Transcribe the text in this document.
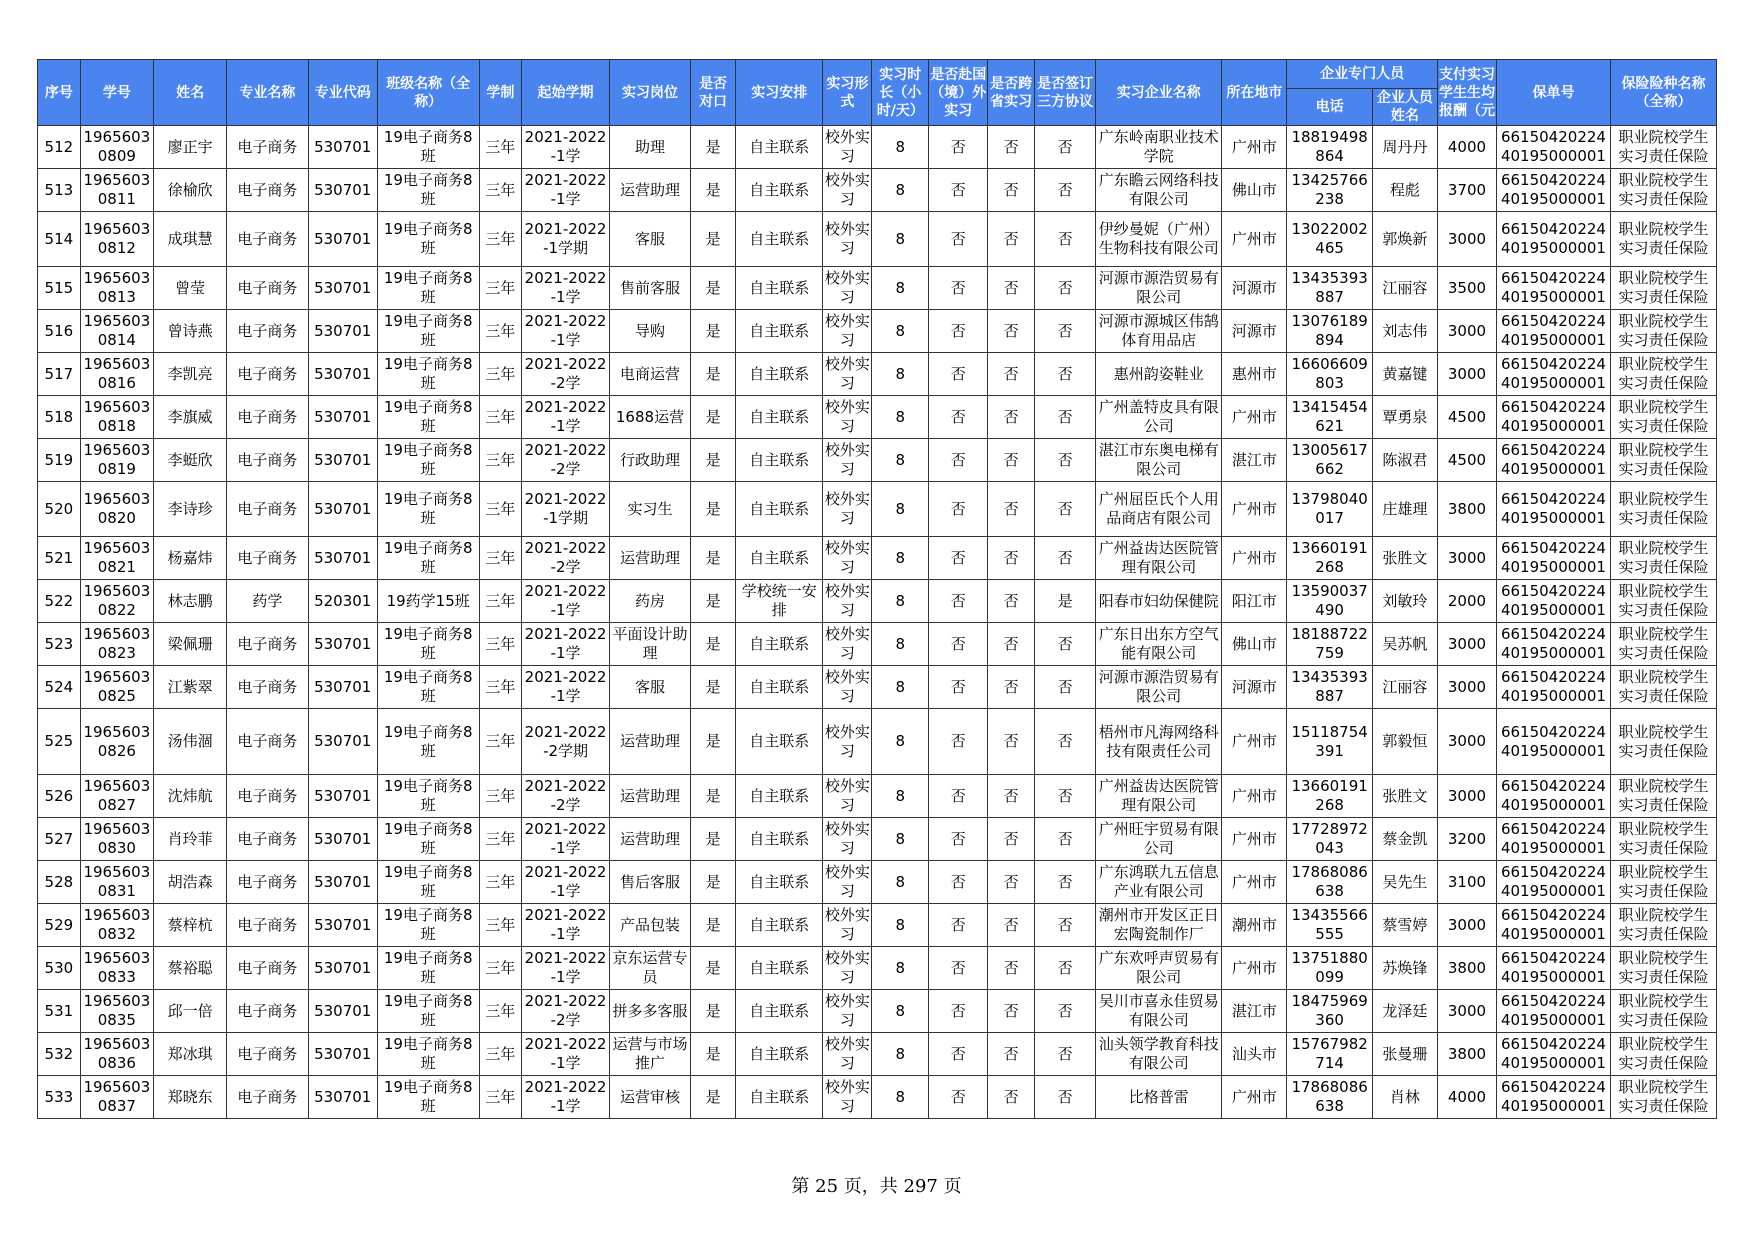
序号	学号	姓名	专业名称	专业代码	班级名称（全称）	学制	起始学期	实习岗位	是否对口	实习安排	实习形式	实习时长（小时/天）	是否赴国（境）外实习	是否跨省实习	是否签订三方协议	实习企业名称	所在地市	企业专门人员		支付实习学生生均报酬（元	保单号	保险险种名称（全称）
																		电话	企业人员姓名			

512	19656030809	廖正宇	电子商务	530701	19电子商务8班	三年	2021-2022-1学	助理	是	自主联系	校外实习	8	否	否	否	广东岭南职业技术学院	广州市	18819498864	周丹丹	4000	6615042022440195000001	职业院校学生实习责任保险

513	19656030811	徐榆欣	电子商务	530701	19电子商务8班	三年	2021-2022-1学	运营助理	是	自主联系	校外实习	8	否	否	否	广东瞻云网络科技有限公司	佛山市	13425766238	程彪	3700	6615042022440195000001	职业院校学生实习责任保险

514	19656030812	成琪慧	电子商务	530701	19电子商务8班	三年	2021-2022-1学期	客服	是	自主联系	校外实习	8	否	否	否	伊纱曼妮（广州）生物科技有限公司	广州市	13022002465	郭焕新	3000	6615042022440195000001	职业院校学生实习责任保险

515	19656030813	曾莹	电子商务	530701	19电子商务8班	三年	2021-2022-1学	售前客服	是	自主联系	校外实习	8	否	否	否	河源市源浩贸易有限公司	河源市	13435393887	江丽容	3500	6615042022440195000001	职业院校学生实习责任保险

516	19656030814	曾诗燕	电子商务	530701	19电子商务8班	三年	2021-2022-1学	导购	是	自主联系	校外实习	8	否	否	否	河源市源城区伟鹄体育用品店	河源市	13076189894	刘志伟	3000	6615042022440195000001	职业院校学生实习责任保险

517	19656030816	李凯亮	电子商务	530701	19电子商务8班	三年	2021-2022-2学	电商运营	是	自主联系	校外实习	8	否	否	否	惠州韵姿鞋业	惠州市	16606609803	黄嘉键	3000	6615042022440195000001	职业院校学生实习责任保险

518	19656030818	李旗威	电子商务	530701	19电子商务8班	三年	2021-2022-1学	1688运营	是	自主联系	校外实习	8	否	否	否	广州盖特皮具有限公司	广州市	13415454621	覃勇泉	4500	6615042022440195000001	职业院校学生实习责任保险

519	19656030819	李蜓欣	电子商务	530701	19电子商务8班	三年	2021-2022-2学	行政助理	是	自主联系	校外实习	8	否	否	否	湛江市东奥电梯有限公司	湛江市	13005617662	陈淑君	4500	6615042022440195000001	职业院校学生实习责任保险

520	19656030820	李诗珍	电子商务	530701	19电子商务8班	三年	2021-2022-1学期	实习生	是	自主联系	校外实习	8	否	否	否	广州屈臣氏个人用品商店有限公司	广州市	13798040017	庄雄理	3800	6615042022440195000001	职业院校学生实习责任保险

521	19656030821	杨嘉炜	电子商务	530701	19电子商务8班	三年	2021-2022-2学	运营助理	是	自主联系	校外实习	8	否	否	否	广州益齿达医院管理有限公司	广州市	13660191268	张胜文	3000	6615042022440195000001	职业院校学生实习责任保险

522	19656030822	林志鹏	药学	520301	19药学15班	三年	2021-2022-1学	药房	是	学校统一安排	校外实习	8	否	否	是	阳春市妇幼保健院	阳江市	13590037490	刘敏玲	2000	6615042022440195000001	职业院校学生实习责任保险

523	19656030823	梁佩珊	电子商务	530701	19电子商务8班	三年	2021-2022-1学	平面设计助理	是	自主联系	校外实习	8	否	否	否	广东日出东方空气能有限公司	佛山市	18188722759	吴苏帆	3000	6615042022440195000001	职业院校学生实习责任保险

524	19656030825	江紫翠	电子商务	530701	19电子商务8班	三年	2021-2022-1学	客服	是	自主联系	校外实习	8	否	否	否	河源市源浩贸易有限公司	河源市	13435393887	江丽容	3000	6615042022440195000001	职业院校学生实习责任保险

525	19656030826	汤伟涸	电子商务	530701	19电子商务8班	三年	2021-2022-2学期	运营助理	是	自主联系	校外实习	8	否	否	否	梧州市凡海网络科技有限责任公司	广州市	15118754391	郭毅恒	3000	6615042022440195000001	职业院校学生实习责任保险

526	19656030827	沈炜航	电子商务	530701	19电子商务8班	三年	2021-2022-2学	运营助理	是	自主联系	校外实习	8	否	否	否	广州益齿达医院管理有限公司	广州市	13660191268	张胜文	3000	6615042022440195000001	职业院校学生实习责任保险

527	19656030830	肖玲菲	电子商务	530701	19电子商务8班	三年	2021-2022-1学	运营助理	是	自主联系	校外实习	8	否	否	否	广州旺宇贸易有限公司	广州市	17728972043	蔡金凯	3200	6615042022440195000001	职业院校学生实习责任保险

528	19656030831	胡浩森	电子商务	530701	19电子商务8班	三年	2021-2022-1学	售后客服	是	自主联系	校外实习	8	否	否	否	广东鸿联九五信息产业有限公司	广州市	17868086638	吴先生	3100	6615042022440195000001	职业院校学生实习责任保险

529	19656030832	蔡梓杭	电子商务	530701	19电子商务8班	三年	2021-2022-1学	产品包装	是	自主联系	校外实习	8	否	否	否	潮州市开发区正日宏陶瓷制作厂	潮州市	13435566555	蔡雪婷	3000	6615042022440195000001	职业院校学生实习责任保险

530	19656030833	蔡裕聪	电子商务	530701	19电子商务8班	三年	2021-2022-1学	京东运营专员	是	自主联系	校外实习	8	否	否	否	广东欢呼声贸易有限公司	广州市	13751880099	苏焕锋	3800	6615042022440195000001	职业院校学生实习责任保险

531	19656030835	邱一倍	电子商务	530701	19电子商务8班	三年	2021-2022-2学	拼多多客服	是	自主联系	校外实习	8	否	否	否	吴川市喜永佳贸易有限公司	湛江市	18475969360	龙泽廷	3000	6615042022440195000001	职业院校学生实习责任保险

532	19656030836	郑冰琪	电子商务	530701	19电子商务8班	三年	2021-2022-1学	运营与市场推广	是	自主联系	校外实习	8	否	否	否	汕头领学教育科技有限公司	汕头市	15767982714	张曼珊	3800	6615042022440195000001	职业院校学生实习责任保险

533	19656030837	郑晓东	电子商务	530701	19电子商务8班	三年	2021-2022-1学	运营审核	是	自主联系	校外实习	8	否	否	否	比格普雷	广州市	17868086638	肖林	4000	6615042022440195000001	职业院校学生实习责任保险
第 25 页，共 297 页
